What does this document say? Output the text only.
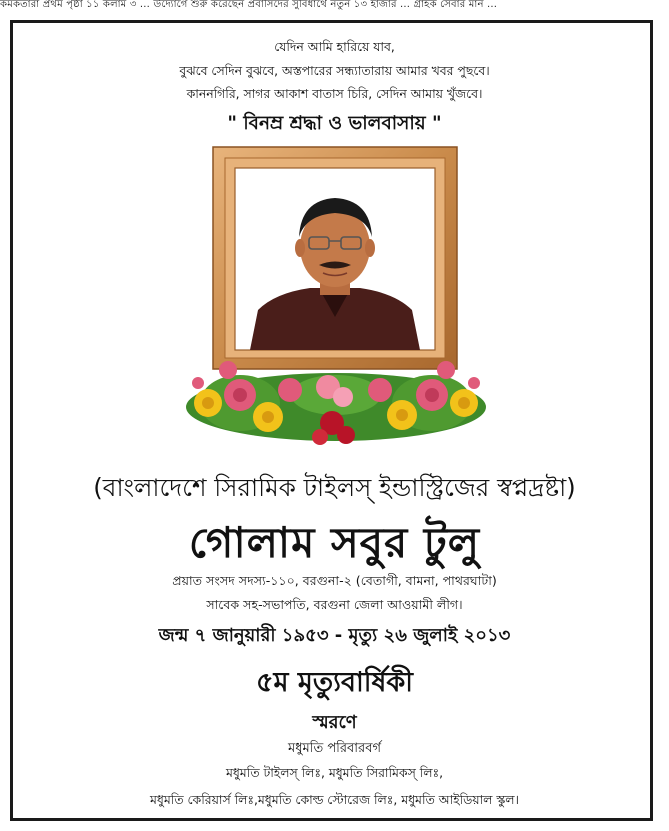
কমকতারা প্রথম পৃষ্ঠা ১১ কলাম ৩ ... উদ্যোগে শুরু করেছেন প্রবাসিদের সুবিধার্থে নতুন ১৩ হাজার ... গ্রাহক সেবার মান ...
যেদিন আমি হারিয়ে যাব,
বুঝবে সেদিন বুঝবে, অস্তপারের সন্ধ্যাতারায় আমার খবর পুছবে।
কাননগিরি, সাগর আকাশ বাতাস চিরি, সেদিন আমায় খুঁজবে।
" বিনম্র শ্রদ্ধা ও ভালবাসায় "
(বাংলাদেশে সিরামিক টাইলস্ ইন্ডাস্ট্রিজের স্বপ্নদ্রষ্টা)
গোলাম সবুর টুলু
প্রয়াত সংসদ সদস্য-১১০, বরগুনা-২ (বেতাগী, বামনা, পাথরঘাটা)
সাবেক সহ-সভাপতি, বরগুনা জেলা আওয়ামী লীগ।
জন্ম ৭ জানুয়ারী ১৯৫৩ - মৃত্যু ২৬ জুলাই ২০১৩
৫ম মৃত্যুবার্ষিকী
স্মরণে
মধুমতি পরিবারবর্গ
মধুমতি টাইলস্ লিঃ, মধুমতি সিরামিকস্ লিঃ,
মধুমতি কেরিয়ার্স লিঃ,মধুমতি কোল্ড স্টোরেজ লিঃ, মধুমতি আইডিয়াল স্কুল।
